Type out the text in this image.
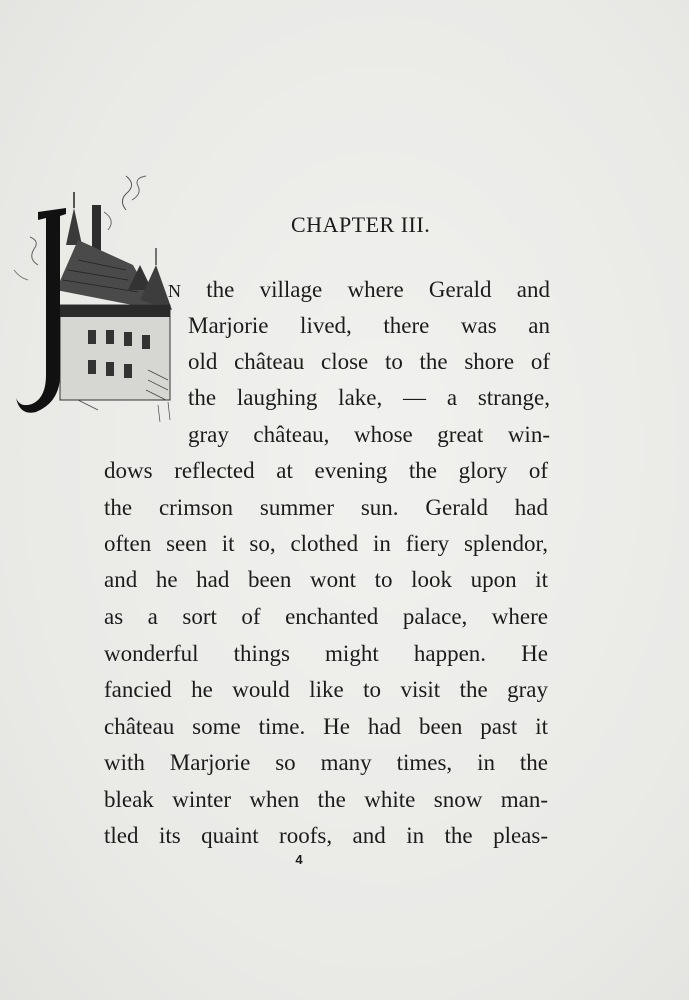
CHAPTER III.
N the village where Gerald and
Marjorie lived, there was an
old château close to the shore of
the laughing lake, — a strange,
gray château, whose great win-
dows reflected at evening the glory of
the crimson summer sun. Gerald had
often seen it so, clothed in fiery splendor,
and he had been wont to look upon it
as a sort of enchanted palace, where
wonderful things might happen. He
fancied he would like to visit the gray
château some time. He had been past it
with Marjorie so many times, in the
bleak winter when the white snow man-
tled its quaint roofs, and in the pleas-
4
